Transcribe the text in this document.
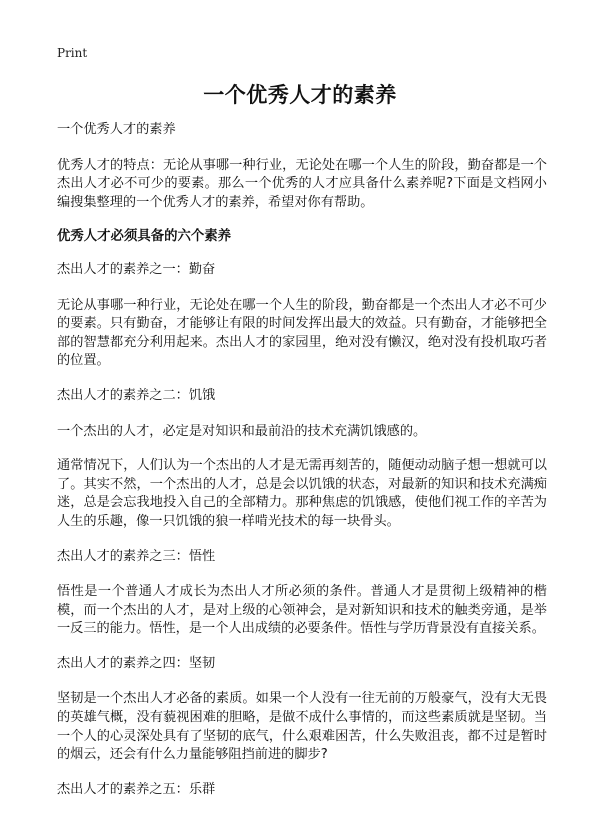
Print
一个优秀人才的素养

一个优秀人才的素养

优秀人才的特点：无论从事哪一种行业，无论处在哪一个人生的阶段，勤奋都是一个杰出人才必不可少的要素。那么一个优秀的人才应具备什么素养呢?下面是文档网小编搜集整理的一个优秀人才的素养，希望对你有帮助。

优秀人才必须具备的六个素养

杰出人才的素养之一：勤奋

无论从事哪一种行业，无论处在哪一个人生的阶段，勤奋都是一个杰出人才必不可少的要素。只有勤奋，才能够让有限的时间发挥出最大的效益。只有勤奋，才能够把全部的智慧都充分利用起来。杰出人才的家园里，绝对没有懒汉，绝对没有投机取巧者的位置。

杰出人才的素养之二：饥饿

一个杰出的人才，必定是对知识和最前沿的技术充满饥饿感的。

通常情况下，人们认为一个杰出的人才是无需再刻苦的，随便动动脑子想一想就可以了。其实不然，一个杰出的人才，总是会以饥饿的状态，对最新的知识和技术充满痴迷，总是会忘我地投入自己的全部精力。那种焦虑的饥饿感，使他们视工作的辛苦为人生的乐趣，像一只饥饿的狼一样啃光技术的每一块骨头。

杰出人才的素养之三：悟性

悟性是一个普通人才成长为杰出人才所必须的条件。普通人才是贯彻上级精神的楷模，而一个杰出的人才，是对上级的心领神会，是对新知识和技术的触类旁通，是举一反三的能力。悟性，是一个人出成绩的必要条件。悟性与学历背景没有直接关系。

杰出人才的素养之四：坚韧

坚韧是一个杰出人才必备的素质。如果一个人没有一往无前的万般豪气，没有大无畏的英雄气概，没有藐视困难的胆略，是做不成什么事情的，而这些素质就是坚韧。当一个人的心灵深处具有了坚韧的底气，什么艰难困苦，什么失败沮丧，都不过是暂时的烟云，还会有什么力量能够阻挡前进的脚步?

杰出人才的素养之五：乐群
